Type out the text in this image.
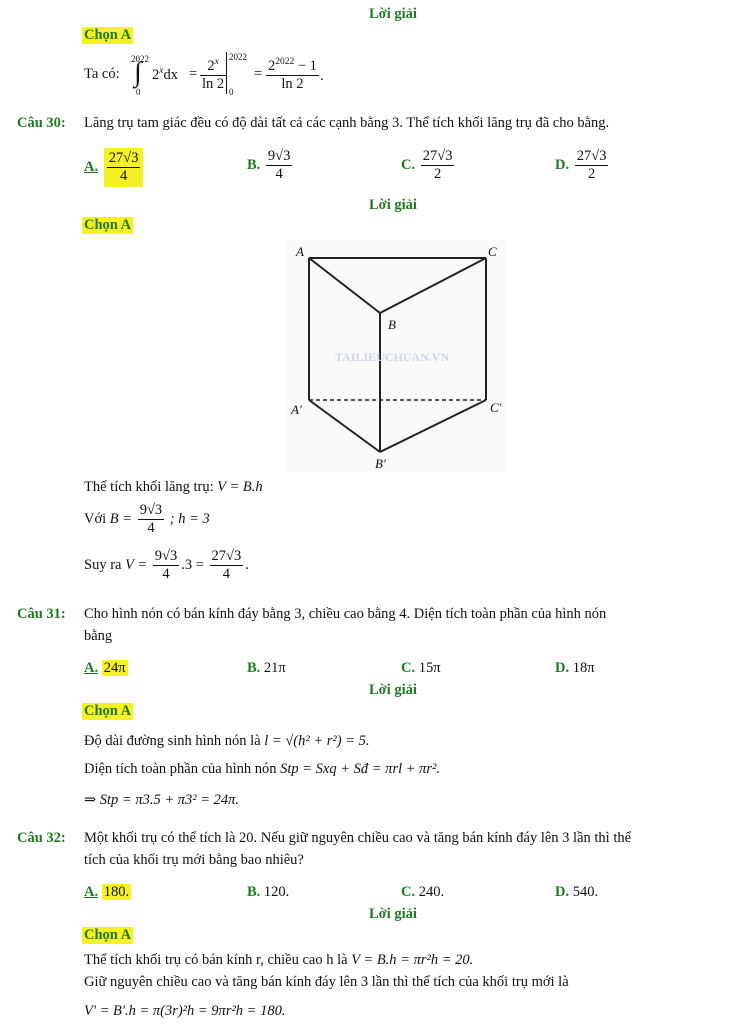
Lời giải
Chọn A
Ta có:
2022
∫
0
$2^xdx = \frac{2^x}{\ln 2} 2022$
0
= $\frac{2^{2022} - 1}{\ln 2}$ .
Câu 30: Lăng trụ tam giác đều có độ dài tất cả các cạnh bằng 3. Thể tích khối lăng trụ đã cho bằng.
A. $\frac{27√3}{4}$	B. $\frac{9√3}{4}$	C. $\frac{27√3}{2}$	D. $\frac{27√3}{2}$
Lời giải
Chọn A
A	C
B
A′	C′
B′
TAILIEUCHUAN.VN
Thể tích khối lăng trụ: V = B.h
Với $B = \frac{9√3}{4}$ ; h = 3
Suy ra $V = \frac{9√3}{4} .3 = \frac{27√3}{4}$ .
Câu 31: Cho hình nón có bán kính đáy bằng 3, chiều cao bằng 4. Diện tích toàn phần của hình nón
bằng
A. 24π	B. 21π	C. 15π	D. 18π
Lời giải
Chọn A
Độ dài đường sinh hình nón là l = √(h² + r²) = 5.
Diện tích toàn phần của hình nón Stp = Sxq + Sđ = πrl + πr².
⇒ Stp = π3.5 + π3² = 24π.
Câu 32: Một khối trụ có thể tích là 20. Nếu giữ nguyên chiều cao và tăng bán kính đáy lên 3 lần thì thể
tích của khối trụ mới bằng bao nhiêu?
A. 180.	B. 120.	C. 240.	D. 540.
Lời giải
Chọn A
Thể tích khối trụ có bán kính r, chiều cao h là V = B.h = πr²h = 20.
Giữ nguyên chiều cao và tăng bán kính đáy lên 3 lần thì thể tích của khối trụ mới là
V' = B'.h = π(3r)²h = 9πr²h = 180.
